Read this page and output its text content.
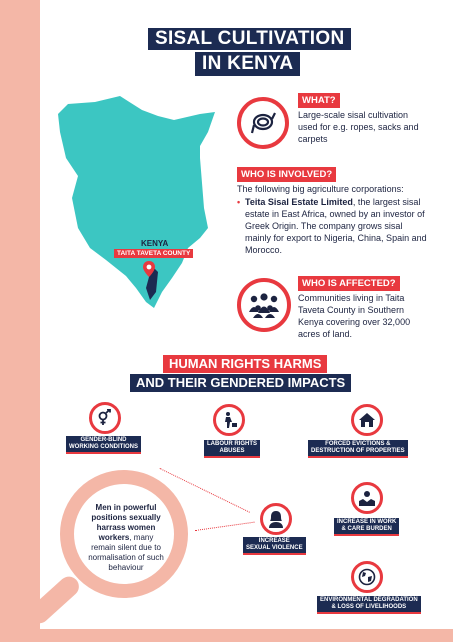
SISAL CULTIVATION
IN KENYA
KENYA
TAITA TAVETA COUNTY
WHAT?
Large-scale sisal cultivation used for e.g. ropes, sacks and carpets
WHO IS INVOLVED?
The following big agriculture corporations:
• Teita Sisal Estate Limited, the largest sisal estate in East Africa, owned by an investor of Greek Origin. The company grows sisal mainly for export to Nigeria, China, Spain and Morocco.
WHO IS AFFECTED?
Communities living in Taita Taveta County in Southern Kenya covering over 32,000 acres of land.
HUMAN RIGHTS HARMS
AND THEIR GENDERED IMPACTS
GENDER-BLIND
WORKING CONDITIONS	LABOUR RIGHTS
ABUSES
FORCED EVICTIONS &
DESTRUCTION OF PROPERTIES
Men in powerful positions sexually harrass women workers, many remain silent due to normalisation of such behaviour
INCREASE
SEXUAL VIOLENCE
INCREASE IN WORK
& CARE BURDEN
ENVIRONMENTAL DEGRADATION
& LOSS OF LIVELIHOODS
